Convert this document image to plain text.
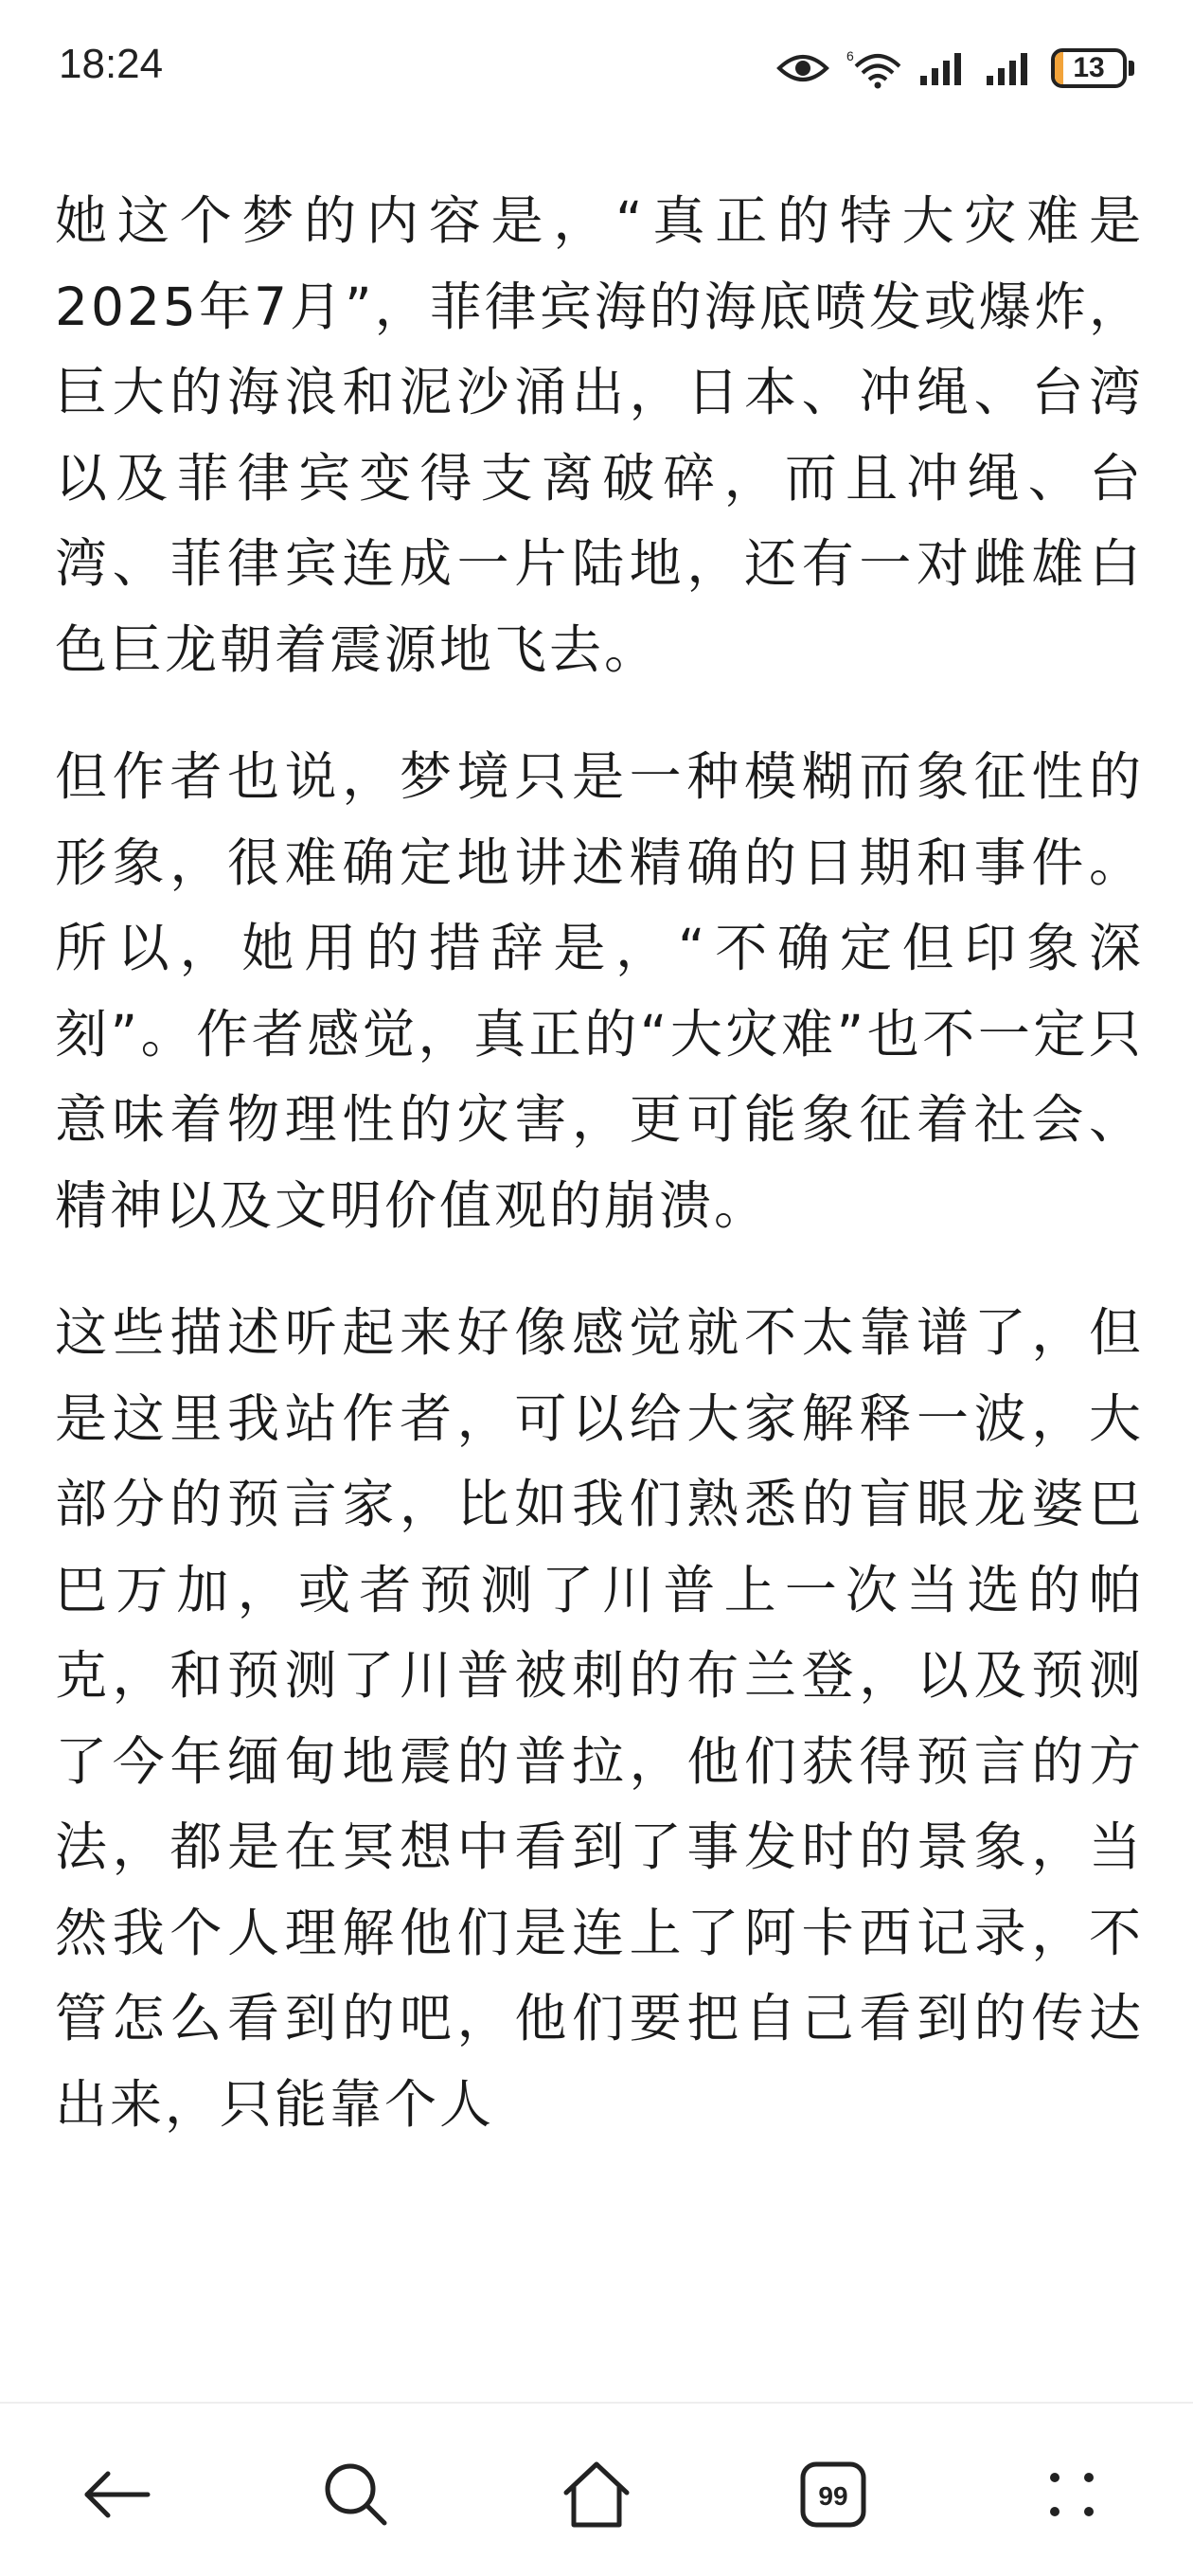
18:24	6	13

她这个梦的内容是，“真正的特大灾难是2025年7月”，菲律宾海的海底喷发或爆炸，巨大的海浪和泥沙涌出，日本、冲绳、台湾以及菲律宾变得支离破碎，而且冲绳、台湾、菲律宾连成一片陆地，还有一对雌雄白色巨龙朝着震源地飞去。

但作者也说，梦境只是一种模糊而象征性的形象，很难确定地讲述精确的日期和事件。所以，她用的措辞是，“不确定但印象深刻”。作者感觉，真正的“大灾难”也不一定只意味着物理性的灾害，更可能象征着社会、精神以及文明价值观的崩溃。

这些描述听起来好像感觉就不太靠谱了，但是这里我站作者，可以给大家解释一波，大部分的预言家，比如我们熟悉的盲眼龙婆巴巴万加，或者预测了川普上一次当选的帕克，和预测了川普被刺的布兰登，以及预测了今年缅甸地震的普拉，他们获得预言的方法，都是在冥想中看到了事发时的景象，当然我个人理解他们是连上了阿卡西记录，不管怎么看到的吧，他们要把自己看到的传达出来，只能靠个人

99
